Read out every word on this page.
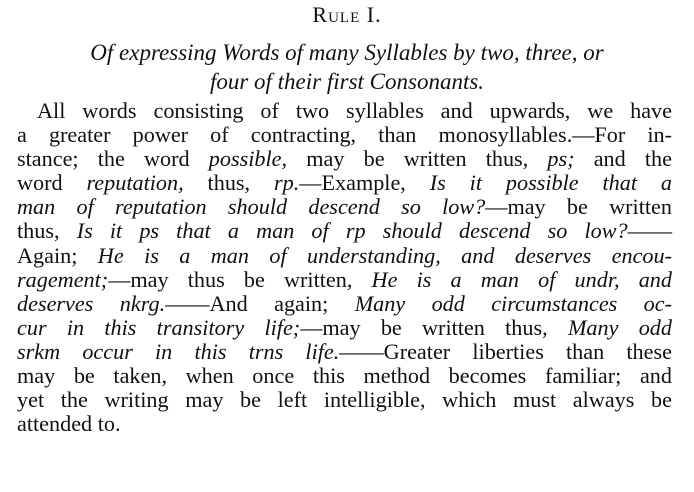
Rule I.
Of expressing Words of many Syllables by two, three, or
four of their first Consonants.
All words consisting of two syllables and upwards, we have
a greater power of contracting, than monosyllables.—For in-
stance; the word possible, may be written thus, ps; and the
word reputation, thus, rp.—Example, Is it possible that a
man of reputation should descend so low?—may be written
thus, Is it ps that a man of rp should descend so low?——
Again; He is a man of understanding, and deserves encou-
ragement;—may thus be written, He is a man of undr, and
deserves nkrg.——And again; Many odd circumstances oc-
cur in this transitory life;—may be written thus, Many odd
srkm occur in this trns life.——Greater liberties than these
may be taken, when once this method becomes familiar; and
yet the writing may be left intelligible, which must always be
attended to.
